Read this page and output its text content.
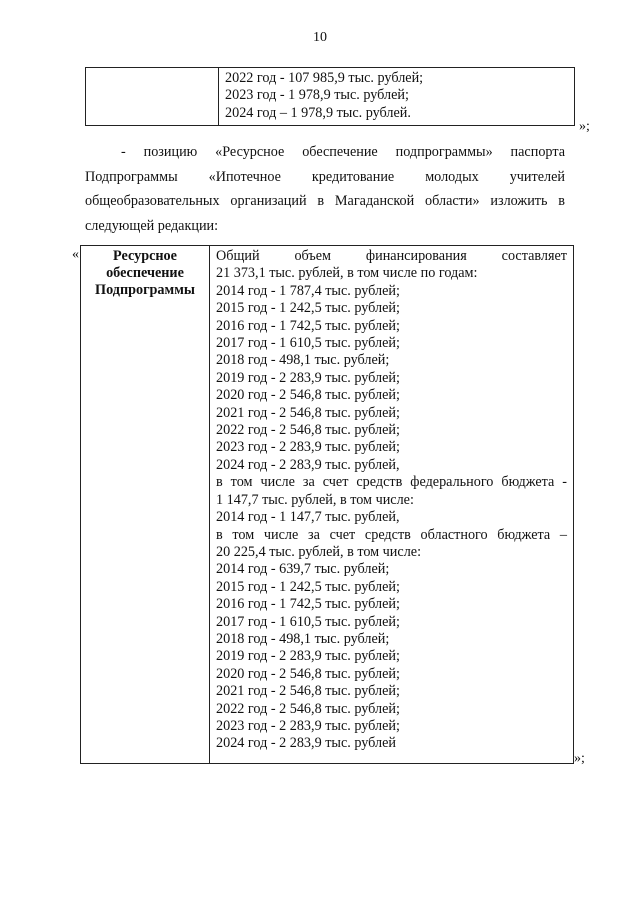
10

2022 год - 107 985,9 тыс. рублей;
2023 год - 1 978,9 тыс. рублей;
2024 год – 1 978,9 тыс. рублей.
»;
- позицию «Ресурсное обеспечение подпрограммы» паспорта Подпрограммы «Ипотечное кредитование молодых учителей общеобразовательных организаций в Магаданской области» изложить в следующей редакции:
«	Ресурсное
обеспечение
Подпрограммы

Общий объем финансирования составляет
21 373,1 тыс. рублей, в том числе по годам:
2014 год - 1 787,4 тыс. рублей;
2015 год - 1 242,5 тыс. рублей;
2016 год - 1 742,5 тыс. рублей;
2017 год - 1 610,5 тыс. рублей;
2018 год - 498,1 тыс. рублей;
2019 год - 2 283,9 тыс. рублей;
2020 год - 2 546,8 тыс. рублей;
2021 год - 2 546,8 тыс. рублей;
2022 год - 2 546,8 тыс. рублей;
2023 год - 2 283,9 тыс. рублей;
2024 год - 2 283,9 тыс. рублей,
в том числе за счет средств федерального бюджета -
1 147,7 тыс. рублей, в том числе:
2014 год - 1 147,7 тыс. рублей,
в том числе за счет средств областного бюджета –
20 225,4 тыс. рублей, в том числе:
2014 год - 639,7 тыс. рублей;
2015 год - 1 242,5 тыс. рублей;
2016 год - 1 742,5 тыс. рублей;
2017 год - 1 610,5 тыс. рублей;
2018 год - 498,1 тыс. рублей;
2019 год - 2 283,9 тыс. рублей;
2020 год - 2 546,8 тыс. рублей;
2021 год - 2 546,8 тыс. рублей;
2022 год - 2 546,8 тыс. рублей;
2023 год - 2 283,9 тыс. рублей;
2024 год - 2 283,9 тыс. рублей
»;
